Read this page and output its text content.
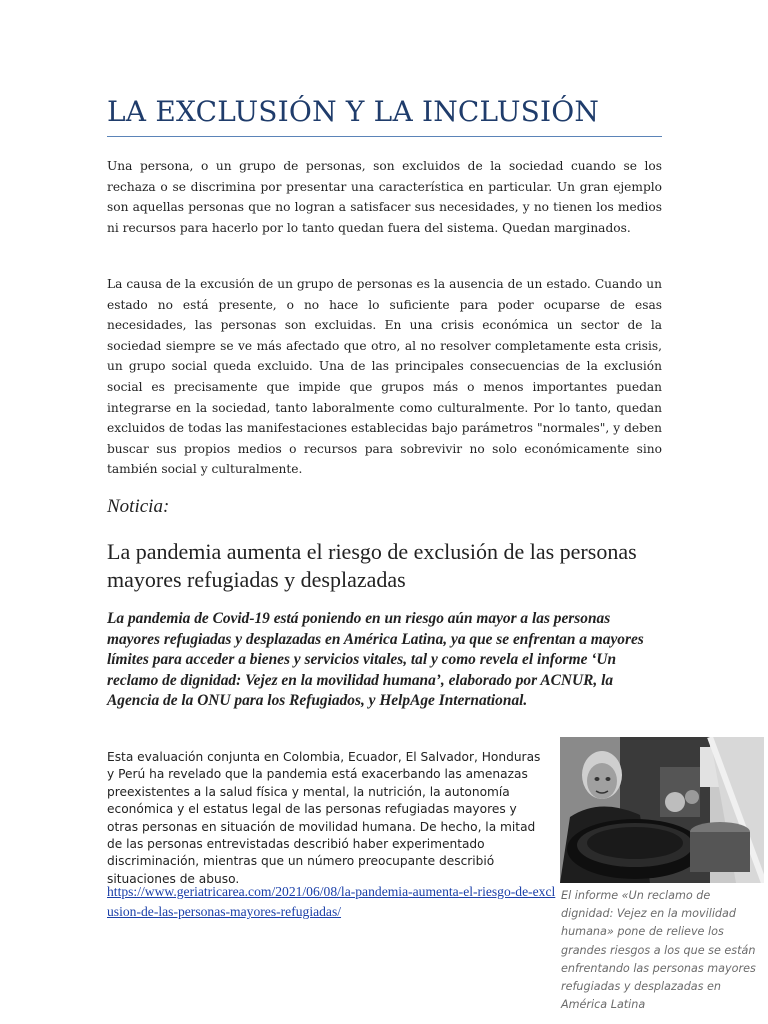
LA EXCLUSIÓN Y LA INCLUSIÓN
Una persona, o un grupo de personas, son excluidos de la sociedad cuando se los rechaza o se discrimina por presentar una característica en particular. Un gran ejemplo son aquellas personas que no logran a satisfacer sus necesidades, y no tienen los medios ni recursos para hacerlo por lo tanto quedan fuera del sistema. Quedan marginados.
La causa de la excusión de un grupo de personas es la ausencia de un estado. Cuando un estado no está presente, o no hace lo suficiente para poder ocuparse de esas necesidades, las personas son excluidas. En una crisis económica un sector de la sociedad siempre se ve más afectado que otro, al no resolver completamente esta crisis, un grupo social queda excluido. Una de las principales consecuencias de la exclusión social es precisamente que impide que grupos más o menos importantes puedan integrarse en la sociedad, tanto laboralmente como culturalmente. Por lo tanto, quedan excluidos de todas las manifestaciones establecidas bajo parámetros "normales", y deben buscar sus propios medios o recursos para sobrevivir no solo económicamente sino también social y culturalmente.
Noticia:
La pandemia aumenta el riesgo de exclusión de las personas mayores refugiadas y desplazadas
La pandemia de Covid-19 está poniendo en un riesgo aún mayor a las personas mayores refugiadas y desplazadas en América Latina, ya que se enfrentan a mayores límites para acceder a bienes y servicios vitales, tal y como revela el informe ‘Un reclamo de dignidad: Vejez en la movilidad humana’, elaborado por ACNUR, la Agencia de la ONU para los Refugiados, y HelpAge International.
Esta evaluación conjunta en Colombia, Ecuador, El Salvador, Honduras y Perú ha revelado que la pandemia está exacerbando las amenazas preexistentes a la salud física y mental, la nutrición, la autonomía económica y el estatus legal de las personas refugiadas mayores y otras personas en situación de movilidad humana. De hecho, la mitad de las personas entrevistadas describió haber experimentado discriminación, mientras que un número preocupante describió situaciones de abuso.
https://www.geriatricarea.com/2021/06/08/la-pandemia-aumenta-el-riesgo-de-exclusion-de-las-personas-mayores-refugiadas/
El informe «Un reclamo de dignidad: Vejez en la movilidad humana» pone de relieve los grandes riesgos a los que se están enfrentando las personas mayores refugiadas y desplazadas en América Latina
